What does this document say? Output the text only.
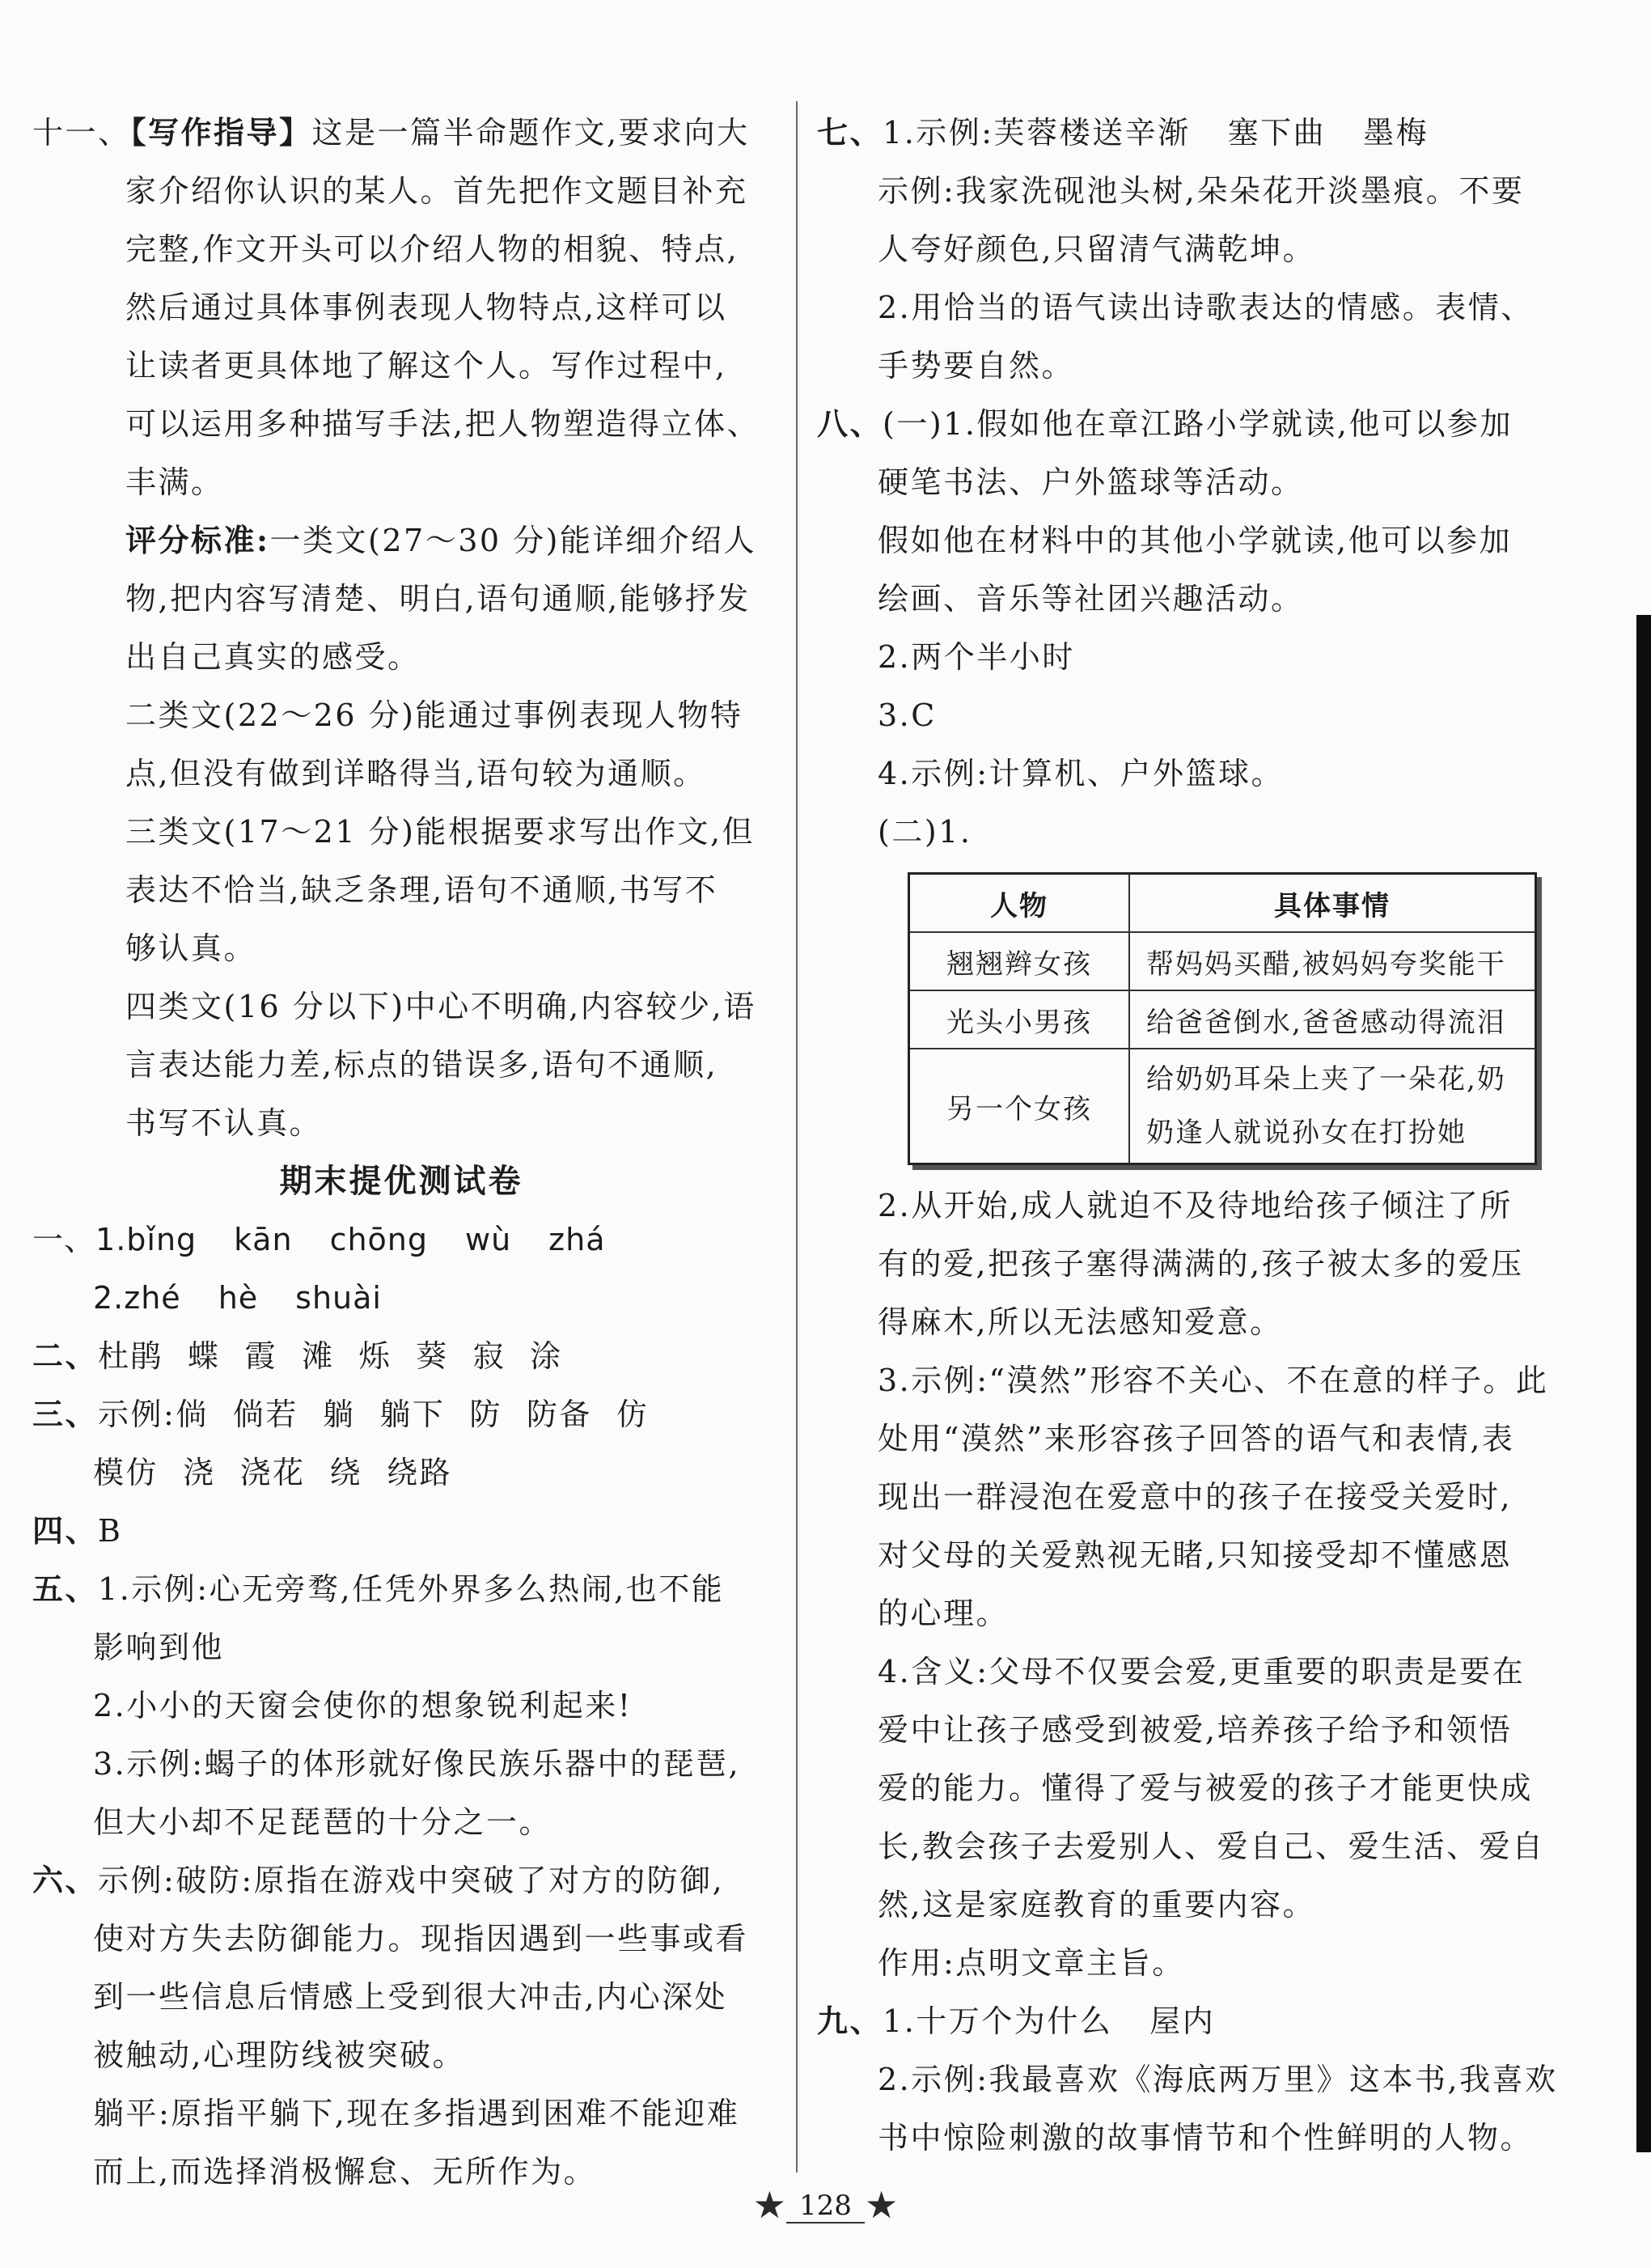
十一、【写作指导】这是一篇半命题作文,要求向大
家介绍你认识的某人。首先把作文题目补充
完整,作文开头可以介绍人物的相貌、特点,
然后通过具体事例表现人物特点,这样可以
让读者更具体地了解这个人。写作过程中,
可以运用多种描写手法,把人物塑造得立体、
丰满。
评分标准:一类文(27～30 分)能详细介绍人
物,把内容写清楚、明白,语句通顺,能够抒发
出自己真实的感受。
二类文(22～26 分)能通过事例表现人物特
点,但没有做到详略得当,语句较为通顺。
三类文(17～21 分)能根据要求写出作文,但
表达不恰当,缺乏条理,语句不通顺,书写不
够认真。
四类文(16 分以下)中心不明确,内容较少,语
言表达能力差,标点的错误多,语句不通顺,
书写不认真。
期末提优测试卷
一、1.bǐng kān chōng wù zhá
2.zhé hè shuài
二、杜鹃 蝶 霞 滩 烁 葵 寂 涂
三、示例:倘 倘若 躺 躺下 防 防备 仿
模仿 浇 浇花 绕 绕路
四、B
五、1.示例:心无旁骛,任凭外界多么热闹,也不能
影响到他
2.小小的天窗会使你的想象锐利起来!
3.示例:蝎子的体形就好像民族乐器中的琵琶,
但大小却不足琵琶的十分之一。
六、示例:破防:原指在游戏中突破了对方的防御,
使对方失去防御能力。现指因遇到一些事或看
到一些信息后情感上受到很大冲击,内心深处
被触动,心理防线被突破。
躺平:原指平躺下,现在多指遇到困难不能迎难
而上,而选择消极懈怠、无所作为。
七、1.示例:芙蓉楼送辛渐 塞下曲 墨梅
示例:我家洗砚池头树,朵朵花开淡墨痕。不要
人夸好颜色,只留清气满乾坤。
2.用恰当的语气读出诗歌表达的情感。表情、
手势要自然。
八、(一)1.假如他在章江路小学就读,他可以参加
硬笔书法、户外篮球等活动。
假如他在材料中的其他小学就读,他可以参加
绘画、音乐等社团兴趣活动。
2.两个半小时
3.C
4.示例:计算机、户外篮球。
(二)1.
人物	具体事情
翘翘辫女孩	帮妈妈买醋,被妈妈夸奖能干
光头小男孩	给爸爸倒水,爸爸感动得流泪
另一个女孩	给奶奶耳朵上夹了一朵花,奶
奶逢人就说孙女在打扮她
2.从开始,成人就迫不及待地给孩子倾注了所
有的爱,把孩子塞得满满的,孩子被太多的爱压
得麻木,所以无法感知爱意。
3.示例:“漠然”形容不关心、不在意的样子。此
处用“漠然”来形容孩子回答的语气和表情,表
现出一群浸泡在爱意中的孩子在接受关爱时,
对父母的关爱熟视无睹,只知接受却不懂感恩
的心理。
4.含义:父母不仅要会爱,更重要的职责是要在
爱中让孩子感受到被爱,培养孩子给予和领悟
爱的能力。懂得了爱与被爱的孩子才能更快成
长,教会孩子去爱别人、爱自己、爱生活、爱自
然,这是家庭教育的重要内容。
作用:点明文章主旨。
九、1.十万个为什么 屋内
2.示例:我最喜欢《海底两万里》这本书,我喜欢
书中惊险刺激的故事情节和个性鲜明的人物。
★ 128 ★
